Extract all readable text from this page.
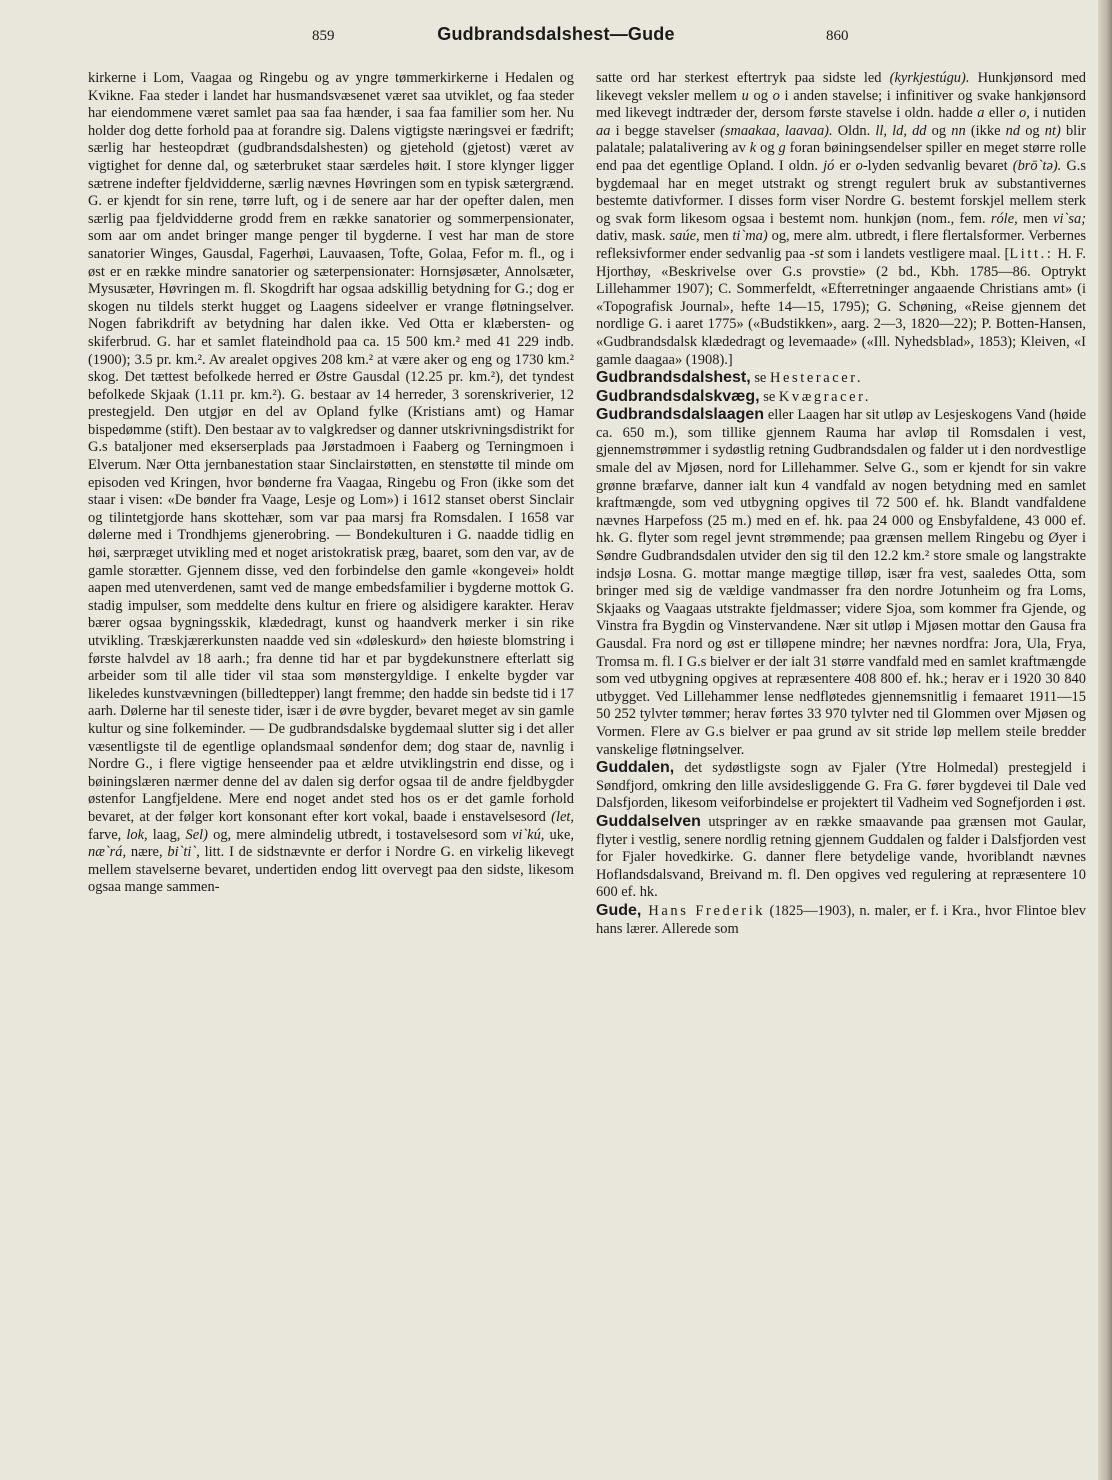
859	Gudbrandsdalshest—Gude	860

kirkerne i Lom, Vaagaa og Ringebu og av yngre tømmerkirkerne i Hedalen og Kvikne. Faa steder i landet har husmandsvæsenet været saa utviklet, og faa steder har eiendommene været samlet paa saa faa hænder, i saa faa familier som her. Nu holder dog dette forhold paa at forandre sig. Dalens vigtigste næringsvei er fædrift; særlig har hesteopdræt (gudbrandsdalshesten) og gjetehold (gjetost) været av vigtighet for denne dal, og sæterbruket staar særdeles høit. I store klynger ligger sætrene indefter fjeldvidderne, særlig nævnes Høvringen som en typisk sætergrænd. G. er kjendt for sin rene, tørre luft, og i de senere aar har der opefter dalen, men særlig paa fjeldvidderne grodd frem en række sanatorier og sommerpensionater, som aar om andet bringer mange penger til bygderne. I vest har man de store sanatorier Winges, Gausdal, Fagerhøi, Lauvaasen, Tofte, Golaa, Fefor m. fl., og i øst er en række mindre sanatorier og sæterpensionater: Hornsjøsæter, Annolsæter, Mysusæter, Høvringen m. fl. Skogdrift har ogsaa adskillig betydning for G.; dog er skogen nu tildels sterkt hugget og Laagens sideelver er vrange fløtningselver. Nogen fabrikdrift av betydning har dalen ikke. Ved Otta er klæbersten- og skiferbrud. G. har et samlet flateindhold paa ca. 15 500 km.² med 41 229 indb. (1900); 3.5 pr. km.². Av arealet opgives 208 km.² at være aker og eng og 1730 km.² skog. Det tættest befolkede herred er Østre Gausdal (12.25 pr. km.²), det tyndest befolkede Skjaak (1.11 pr. km.²). G. bestaar av 14 herreder, 3 sorenskriverier, 12 prestegjeld. Den utgjør en del av Opland fylke (Kristians amt) og Hamar bispedømme (stift). Den bestaar av to valgkredser og danner utskrivningsdistrikt for G.s bataljoner med ekserserplads paa Jørstadmoen i Faaberg og Terningmoen i Elverum. Nær Otta jernbanestation staar Sinclairstøtten, en stenstøtte til minde om episoden ved Kringen, hvor bønderne fra Vaagaa, Ringebu og Fron (ikke som det staar i visen: «De bønder fra Vaage, Lesje og Lom») i 1612 stanset oberst Sinclair og tilintetgjorde hans skottehær, som var paa marsj fra Romsdalen. I 1658 var dølerne med i Trondhjems gjenerobring. — Bondekulturen i G. naadde tidlig en høi, særpræget utvikling med et noget aristokratisk præg, baaret, som den var, av de gamle storætter. Gjennem disse, ved den forbindelse den gamle «kongevei» holdt aapen med utenverdenen, samt ved de mange embedsfamilier i bygderne mottok G. stadig impulser, som meddelte dens kultur en friere og alsidigere karakter. Herav bærer ogsaa bygningsskik, klædedragt, kunst og haandverk merker i sin rike utvikling. Træskjærerkunsten naadde ved sin «døleskurd» den høieste blomstring i første halvdel av 18 aarh.; fra denne tid har et par bygdekunstnere efterlatt sig arbeider som til alle tider vil staa som mønstergyldige. I enkelte bygder var likeledes kunstvævningen (billedtepper) langt fremme; den hadde sin bedste tid i 17 aarh. Dølerne har til seneste tider, især i de øvre bygder, bevaret meget av sin gamle kultur og sine folkeminder. — De gudbrandsdalske bygdemaal slutter sig i det aller væsentligste til de egentlige oplandsmaal søndenfor dem; dog staar de, navnlig i Nordre G., i flere vigtige henseender paa et ældre utviklingstrin end disse, og i bøiningslæren nærmer denne del av dalen sig derfor ogsaa til de andre fjeldbygder østenfor Langfjeldene. Mere end noget andet sted hos os er det gamle forhold bevaret, at der følger kort konsonant efter kort vokal, baade i enstavelsesord (let, farve, lok, laag, Sel) og, mere almindelig utbredt, i tostavelsesord som vi`kú, uke, næ`rá, nære, bi`ti`, litt. I de sidstnævnte er derfor i Nordre G. en virkelig likevegt mellem stavelserne bevaret, undertiden endog litt overvegt paa den sidste, likesom ogsaa mange sammen-

satte ord har sterkest eftertryk paa sidste led (kyrkjestúgu). Hunkjønsord med likevegt veksler mellem u og o i anden stavelse; i infinitiver og svake hankjønsord med likevegt indtræder der, dersom første stavelse i oldn. hadde a eller o, i nutiden aa i begge stavelser (smaakaa, laavaa). Oldn. ll, ld, dd og nn (ikke nd og nt) blir palatale; palatalivering av k og g foran bøiningsendelser spiller en meget større rolle end paa det egentlige Opland. I oldn. jó er o-lyden sedvanlig bevaret (brō`tə). G.s bygdemaal har en meget utstrakt og strengt regulert bruk av substantivernes bestemte dativformer. I disses form viser Nordre G. bestemt forskjel mellem sterk og svak form likesom ogsaa i bestemt nom. hunkjøn (nom., fem. róle, men vi`sa; dativ, mask. saúe, men ti`ma) og, mere alm. utbredt, i flere flertalsformer. Verbernes refleksivformer ender sedvanlig paa -st som i landets vestligere maal. [Litt.: H. F. Hjorthøy, «Beskrivelse over G.s provstie» (2 bd., Kbh. 1785—86. Optrykt Lillehammer 1907); C. Sommerfeldt, «Efterretninger angaaende Christians amt» (i «Topografisk Journal», hefte 14—15, 1795); G. Schøning, «Reise gjennem det nordlige G. i aaret 1775» («Budstikken», aarg. 2—3, 1820—22); P. Botten-Hansen, «Gudbrandsdalsk klædedragt og levemaade» («Ill. Nyhedsblad», 1853); Kleiven, «I gamle daagaa» (1908).]

Gudbrandsdalshest, se Hesteracer.

Gudbrandsdalskvæg, se Kvægracer.

Gudbrandsdalslaagen eller Laagen har sit utløp av Lesjeskogens Vand (høide ca. 650 m.), som tillike gjennem Rauma har avløp til Romsdalen i vest, gjennemstrømmer i sydøstlig retning Gudbrandsdalen og falder ut i den nordvestlige smale del av Mjøsen, nord for Lillehammer. Selve G., som er kjendt for sin vakre grønne bræfarve, danner ialt kun 4 vandfald av nogen betydning med en samlet kraftmængde, som ved utbygning opgives til 72 500 ef. hk. Blandt vandfaldene nævnes Harpefoss (25 m.) med en ef. hk. paa 24 000 og Ensbyfaldene, 43 000 ef. hk. G. flyter som regel jevnt strømmende; paa grænsen mellem Ringebu og Øyer i Søndre Gudbrandsdalen utvider den sig til den 12.2 km.² store smale og langstrakte indsjø Losna. G. mottar mange mægtige tilløp, især fra vest, saaledes Otta, som bringer med sig de vældige vandmasser fra den nordre Jotunheim og fra Loms, Skjaaks og Vaagaas utstrakte fjeldmasser; videre Sjoa, som kommer fra Gjende, og Vinstra fra Bygdin og Vinstervandene. Nær sit utløp i Mjøsen mottar den Gausa fra Gausdal. Fra nord og øst er tilløpene mindre; her nævnes nordfra: Jora, Ula, Frya, Tromsa m. fl. I G.s bielver er der ialt 31 større vandfald med en samlet kraftmængde som ved utbygning opgives at repræsentere 408 800 ef. hk.; herav er i 1920 30 840 utbygget. Ved Lillehammer lense nedfløtedes gjennemsnitlig i femaaret 1911—15 50 252 tylvter tømmer; herav førtes 33 970 tylvter ned til Glommen over Mjøsen og Vormen. Flere av G.s bielver er paa grund av sit stride løp mellem steile bredder vanskelige fløtningselver.

Guddalen, det sydøstligste sogn av Fjaler (Ytre Holmedal) prestegjeld i Søndfjord, omkring den lille avsidesliggende G. Fra G. fører bygdevei til Dale ved Dalsfjorden, likesom veiforbindelse er projektert til Vadheim ved Sognefjorden i øst.

Guddalselven utspringer av en række smaavande paa grænsen mot Gaular, flyter i vestlig, senere nordlig retning gjennem Guddalen og falder i Dalsfjorden vest for Fjaler hovedkirke. G. danner flere betydelige vande, hvoriblandt nævnes Hoflandsdalsvand, Breivand m. fl. Den opgives ved regulering at repræsentere 10 600 ef. hk.

Gude, Hans Frederik (1825—1903), n. maler, er f. i Kra., hvor Flintoe blev hans lærer. Allerede som
